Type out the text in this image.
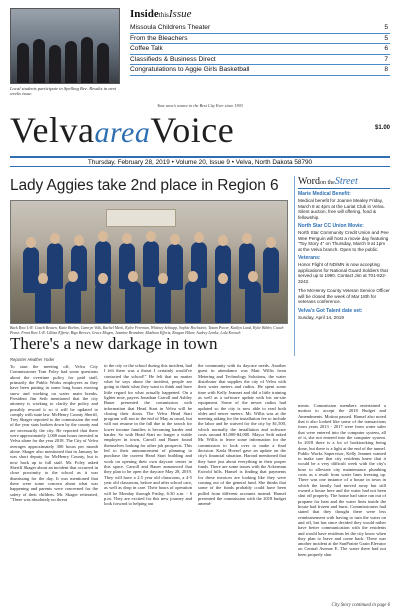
Local students participate in Spelling Bee. Results in next weeks issue.
InsidethisIssue
Missoula Childrens Theater	5
From the Bleachers	5
Coffee Talk	6
Classifieds & Business Direct	7
Congratulations to Aggie Girls Basketball	8
Your area's source in the Best City Ever since 1903
VelvaareaVoice	$1.00
Thursday, February 28, 2019 • Volume 20, Issue 9 • Velva, North Dakota 58790
Lady Aggies take 2nd place in Region 6
Back Row L-R: Coach Reuten, Katie Boehm, Camryn Volk, Rachel Meek, Kylee Freeman, Whitney Schiupp, Sophie Hochstein, Tatum Power, Kaitlyn Lund, Kylie Bibler, Coach Pease. Front Row L-R: Lillian Effertz, Bigo Brewer, Grace Mogen, Jasmine Brandner, Madison Effertz, Reagan Hilzer, Audrey Lemke, Lola Kovach
Wordon theStreet
Marie Medical Benefit:
Medical benefit for Joanne Mealey Friday, March 8 at 4pm at the Lariat Club in Velva. Silent auction, free will offering, food & fellowship.
North Star CC Union Movie:
North Star Community Credit Union and Pee Wee Penguin will host a movie day featuring "Toy Story 4" on Thursday, March 9 at 1pm at the Velva branch. Open to the public.
Veterans:
Honor Flight of ND/MN is now accepting applications for National Guard Soldiers that served up to 1990. Contact Jim at 701-822-3242.
The McHenry County Veteran Service Officer will be closed the week of Mar 18th for veterans conference.
Velva's Got Talent date set:
Sunday, April 14, 2019
There's a new darkage in town
Reporter Heather Yoder
To start the meeting off, Velva City Commissioner Tom Foley had some questions about the overtime policy for paid staff, primarily the Public Works employees as they have been putting in some long hours moving snow and working on water main breaks. President Jim Seib mentioned that the city attorney is working to clarify the policy and possibly reword it so it will be updated to comply with state law. McHenry County Sheriff, Trey Skager reported to the commission the end of the year stats broken down by the county and are necessarily the city. He reported that there were approximately 1,000 man hours invested in Velva alone for the year 2018. The City of Velva averages approximately 300 hours per month alone. Skager also mentioned that in January he was short deputy for McHenry County, but is now back up to full staff. Mr. Foley asked Sheriff Skager about an incident that occurred in close proximity to the school as it was dismissing for the day. It was mentioned that there were some concern about what was happening and parents were concerned for the safety of their children. Mr. Skager reiterated, "There was absolutely no threat
to the city or the school during this incident, had I felt there was a threat I certainly would've contacted the school!" He felt that no matter what he says about the incident, people are going to think what they want to think and have little regard for what actually happened. On a lighter note, payers Jonathan Carroll and Ashley Bauer presented the commission with information that Head Start in Velva will be closing their doors. The Velva Head Start program will run to the end of May as usual, but will not resume in the fall due to the search for lower income families is becoming harder and harder. So with Head Start no longer a viable employer in town, Carroll and Bauer found themselves looking for other job prospects. This led to their announcement of planning to purchase the current Head Start building and work on opening their own daycare center in this space. Carroll and Bauer announced that they plan to be open the daycare May 28, 2019. They will have a 2.5 year old classroom, a 4-5 year old classroom, before and after school care, as well as drop in care. Their hours of operation will be Monday through Friday, 6:30 a.m. - 6 p.m. They are excited for this new journey and look forward to helping out
the community with its daycare needs. Another guest in attendance was Matt Willis from Metering and Technology Solutions, the water distributor that supplies the city of Velva with their water meters and radios. He spent some time with Kelly Jeannet and did a little training as well as a software update with his on-site equipment. Some of the newer radios had updated so the city is now able to read both older and newer meters. Mr. Willis was at the meeting asking for the installation fee to include the labor and be waived for the city by $1,500, which normally the installation and software costs around $1,000-$4,000. Mayor Seib asked Mr. Willis to leave some information for the commission to look over to make a final decision. Karla Hoesel gave an update on the city's financial situation. Haroud mentioned that they have just about everything in their proper funds. There are some issues with the Ackerman Estvold bills. Hansel is finding that payments for these invoices are looking like they were coming out of the general fund. She thinks that some of the funds probably could have been pulled from different accounts instead. Hansel presented the commission with the 2018 budget amend-
ments. Commission members entertained a motion to accept the 2018 Budget and Amendments. Motion passed. Hansel also noted that it also looked like some of the transactions from years 2013 - 2017 were from water sales that were entered into the computer system, all of it, she not entered into the computer system. In 2018 there is a lot of backtracking being done, but there is a light at the end of the tunnel. Public Works Supervisor, Kelly Jeannet wanted to make sure that city residents knew that it would be a very difficult week with the city's hose to alleviate city maintenance plumbing costs as a result from water lines freezing up. There was one instance of a house in town in which the family had moved away but still owned a house here and the water had not been shut off properly. The house had since ran out of propane for heat and the water lines inside the house had frozen and burst. Commissioners had stated that they thought there were less reimbursement with having to turn the water on and off, but has since decided they would rather have better communication with the residents and would have residents let the city know when they plan to leave and come back. There was another incident at the SunPrairie Grain Elevator on Central Avenue E. The water there had not been properly shut
City Story continued in page 6
